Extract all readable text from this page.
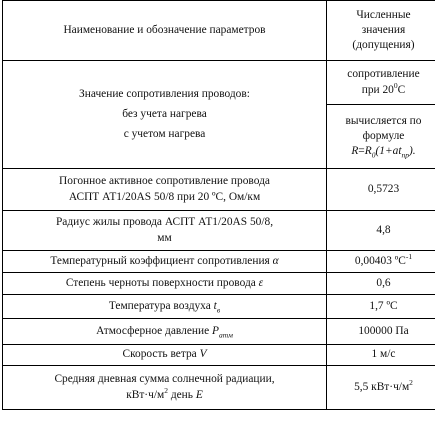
Наименование и обозначение параметров	Численные
значения
(допущения)

Значение сопротивления проводов:
без учета нагрева
с учетом нагрева	сопротивление
при $20^0С$

	вычисляется по
формуле
$R=R_0(1+at_{пр})$.

Погонное активное сопротивление провода
АСПТ АТ1/20AS 50/8 при 20 ºС, Ом/км	0,5723

Радиус жилы провода АСПТ АТ1/20AS 50/8,
мм	4,8
Температурный коэффициент сопротивления α	0,00403 ºС$^{-1}$
Степень черноты поверхности провода ε	0,6
Температура воздуха $t_в$	1,7 ºС
Атмосферное давление $P_{атм}$	100000 Па
Скорость ветра V	1 м/с

Средняя дневная сумма солнечной радиации,
$кВт\cdot ч/м^2$ день E	5,5 $кВт\cdot ч/м^2$
